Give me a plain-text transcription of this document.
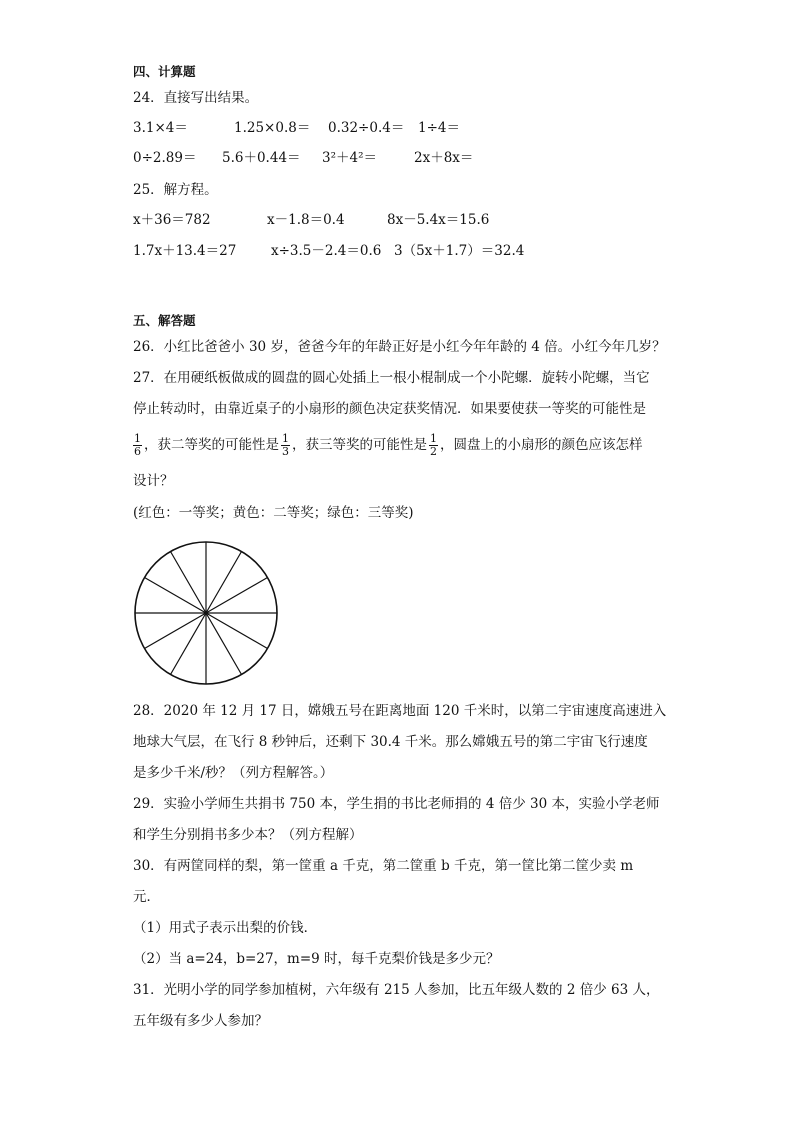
四、计算题
24．直接写出结果。
3.1×4＝	1.25×0.8＝ 0.32÷0.4＝ 1÷4＝
0÷2.89＝ 5.6＋0.44＝ 3²＋4²＝	2x＋8x＝
25．解方程。
x＋36＝782	x－1.8＝0.4	8x－5.4x＝15.6
1.7x＋13.4＝27	x÷3.5－2.4＝0.6 3（5x＋1.7）＝32.4
五、解答题
26．小红比爸爸小 30 岁，爸爸今年的年龄正好是小红今年年龄的 4 倍。小红今年几岁？
27．在用硬纸板做成的圆盘的圆心处插上一根小棍制成一个小陀螺．旋转小陀螺，当它
停止转动时，由靠近桌子的小扇形的颜色决定获奖情况．如果要使获一等奖的可能性是
$\frac{1}{6}$ ，获二等奖的可能性是 $\frac{1}{3}$ ，获三等奖的可能性是 $\frac{1}{2}$ ，圆盘上的小扇形的颜色应该怎样
设计？
(红色：一等奖；黄色：二等奖；绿色：三等奖)
28．2020 年 12 月 17 日，嫦娥五号在距离地面 120 千米时，以第二宇宙速度高速进入
地球大气层，在飞行 8 秒钟后，还剩下 30.4 千米。那么嫦娥五号的第二宇宙飞行速度
是多少千米/秒？（列方程解答。）
29．实验小学师生共捐书 750 本，学生捐的书比老师捐的 4 倍少 30 本，实验小学老师
和学生分别捐书多少本？（列方程解）
30．有两筐同样的梨，第一筐重 a 千克，第二筐重 b 千克，第一筐比第二筐少卖 m
元．
（1）用式子表示出梨的价钱．
（2）当 a=24，b=27，m=9 时，每千克梨价钱是多少元？
31．光明小学的同学参加植树，六年级有 215 人参加，比五年级人数的 2 倍少 63 人，
五年级有多少人参加？
